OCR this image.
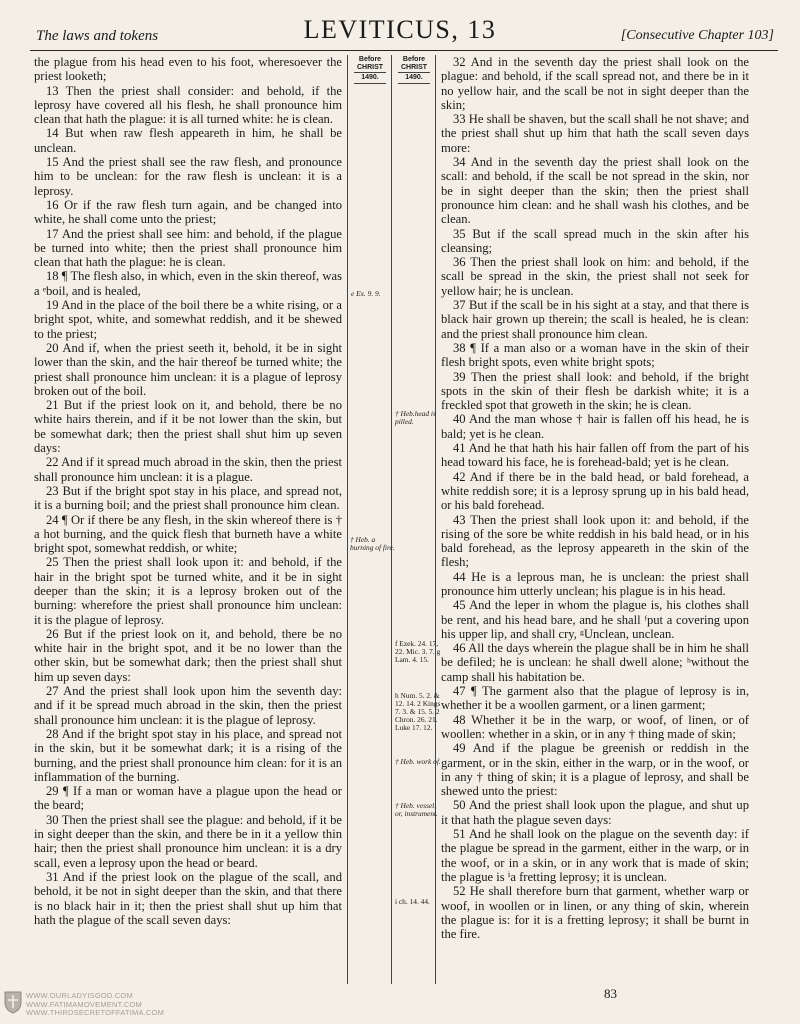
The laws and tokens	LEVITICUS, 13	[Consecutive Chapter 103]

the plague from his head even to his foot, wheresoever the priest looketh;

13 Then the priest shall consider: and behold, if the leprosy have covered all his flesh, he shall pronounce him clean that hath the plague: it is all turned white: he is clean.

14 But when raw flesh appeareth in him, he shall be unclean.

15 And the priest shall see the raw flesh, and pronounce him to be unclean: for the raw flesh is unclean: it is a leprosy.

16 Or if the raw flesh turn again, and be changed into white, he shall come unto the priest;

17 And the priest shall see him: and behold, if the plague be turned into white; then the priest shall pronounce him clean that hath the plague: he is clean.

18 ¶ The flesh also, in which, even in the skin thereof, was a ᵉboil, and is healed,

19 And in the place of the boil there be a white rising, or a bright spot, white, and somewhat reddish, and it be shewed to the priest;

20 And if, when the priest seeth it, behold, it be in sight lower than the skin, and the hair thereof be turned white; the priest shall pronounce him unclean: it is a plague of leprosy broken out of the boil.

21 But if the priest look on it, and behold, there be no white hairs therein, and if it be not lower than the skin, but be somewhat dark; then the priest shall shut him up seven days:

22 And if it spread much abroad in the skin, then the priest shall pronounce him unclean: it is a plague.

23 But if the bright spot stay in his place, and spread not, it is a burning boil; and the priest shall pronounce him clean.

24 ¶ Or if there be any flesh, in the skin whereof there is † a hot burning, and the quick flesh that burneth have a white bright spot, somewhat reddish, or white;

25 Then the priest shall look upon it: and behold, if the hair in the bright spot be turned white, and it be in sight deeper than the skin; it is a leprosy broken out of the burning: wherefore the priest shall pronounce him unclean: it is the plague of leprosy.

26 But if the priest look on it, and behold, there be no white hair in the bright spot, and it be no lower than the other skin, but be somewhat dark; then the priest shall shut him up seven days:

27 And the priest shall look upon him the seventh day: and if it be spread much abroad in the skin, then the priest shall pronounce him unclean: it is the plague of leprosy.

28 And if the bright spot stay in his place, and spread not in the skin, but it be somewhat dark; it is a rising of the burning, and the priest shall pronounce him clean: for it is an inflammation of the burning.

29 ¶ If a man or woman have a plague upon the head or the beard;

30 Then the priest shall see the plague: and behold, if it be in sight deeper than the skin, and there be in it a yellow thin hair; then the priest shall pronounce him unclean: it is a dry scall, even a leprosy upon the head or beard.

31 And if the priest look on the plague of the scall, and behold, it be not in sight deeper than the skin, and that there is no black hair in it; then the priest shall shut up him that hath the plague of the scall seven days:

Before
CHRIST
1490.
Before
CHRIST
1490.
e Ex. 9. 9.
† Heb.head is pilled.
† Heb. a burning of fire.
f Ezek. 24. 17, 22. Mic. 3. 7. g Lam. 4. 15.
h Num. 5. 2. & 12. 14. 2 Kings 7. 3. & 15. 5. 2 Chron. 26. 21. Luke 17. 12.
† Heb. work of.
† Heb. vessel, or, instrument.
i ch. 14. 44.

32 And in the seventh day the priest shall look on the plague: and behold, if the scall spread not, and there be in it no yellow hair, and the scall be not in sight deeper than the skin;

33 He shall be shaven, but the scall shall he not shave; and the priest shall shut up him that hath the scall seven days more:

34 And in the seventh day the priest shall look on the scall: and behold, if the scall be not spread in the skin, nor be in sight deeper than the skin; then the priest shall pronounce him clean: and he shall wash his clothes, and be clean.

35 But if the scall spread much in the skin after his cleansing;

36 Then the priest shall look on him: and behold, if the scall be spread in the skin, the priest shall not seek for yellow hair; he is unclean.

37 But if the scall be in his sight at a stay, and that there is black hair grown up therein; the scall is healed, he is clean: and the priest shall pronounce him clean.

38 ¶ If a man also or a woman have in the skin of their flesh bright spots, even white bright spots;

39 Then the priest shall look: and behold, if the bright spots in the skin of their flesh be darkish white; it is a freckled spot that groweth in the skin; he is clean.

40 And the man whose † hair is fallen off his head, he is bald; yet is he clean.

41 And he that hath his hair fallen off from the part of his head toward his face, he is forehead-bald; yet is he clean.

42 And if there be in the bald head, or bald forehead, a white reddish sore; it is a leprosy sprung up in his bald head, or his bald forehead.

43 Then the priest shall look upon it: and behold, if the rising of the sore be white reddish in his bald head, or in his bald forehead, as the leprosy appeareth in the skin of the flesh;

44 He is a leprous man, he is unclean: the priest shall pronounce him utterly unclean; his plague is in his head.

45 And the leper in whom the plague is, his clothes shall be rent, and his head bare, and he shall ᶠput a covering upon his upper lip, and shall cry, ᵍUnclean, unclean.

46 All the days wherein the plague shall be in him he shall be defiled; he is unclean: he shall dwell alone; ʰwithout the camp shall his habitation be.

47 ¶ The garment also that the plague of leprosy is in, whether it be a woollen garment, or a linen garment;

48 Whether it be in the warp, or woof, of linen, or of woollen: whether in a skin, or in any † thing made of skin;

49 And if the plague be greenish or reddish in the garment, or in the skin, either in the warp, or in the woof, or in any † thing of skin; it is a plague of leprosy, and shall be shewed unto the priest:

50 And the priest shall look upon the plague, and shut up it that hath the plague seven days:

51 And he shall look on the plague on the seventh day: if the plague be spread in the garment, either in the warp, or in the woof, or in a skin, or in any work that is made of skin; the plague is ⁱa fretting leprosy; it is unclean.

52 He shall therefore burn that garment, whether warp or woof, in woollen or in linen, or any thing of skin, wherein the plague is: for it is a fretting leprosy; it shall be burnt in the fire.

83
WWW.OURLADYISGOD.COM
WWW.FATIMAMOVEMENT.COM
WWW.THIRDSECRETOFFATIMA.COM
